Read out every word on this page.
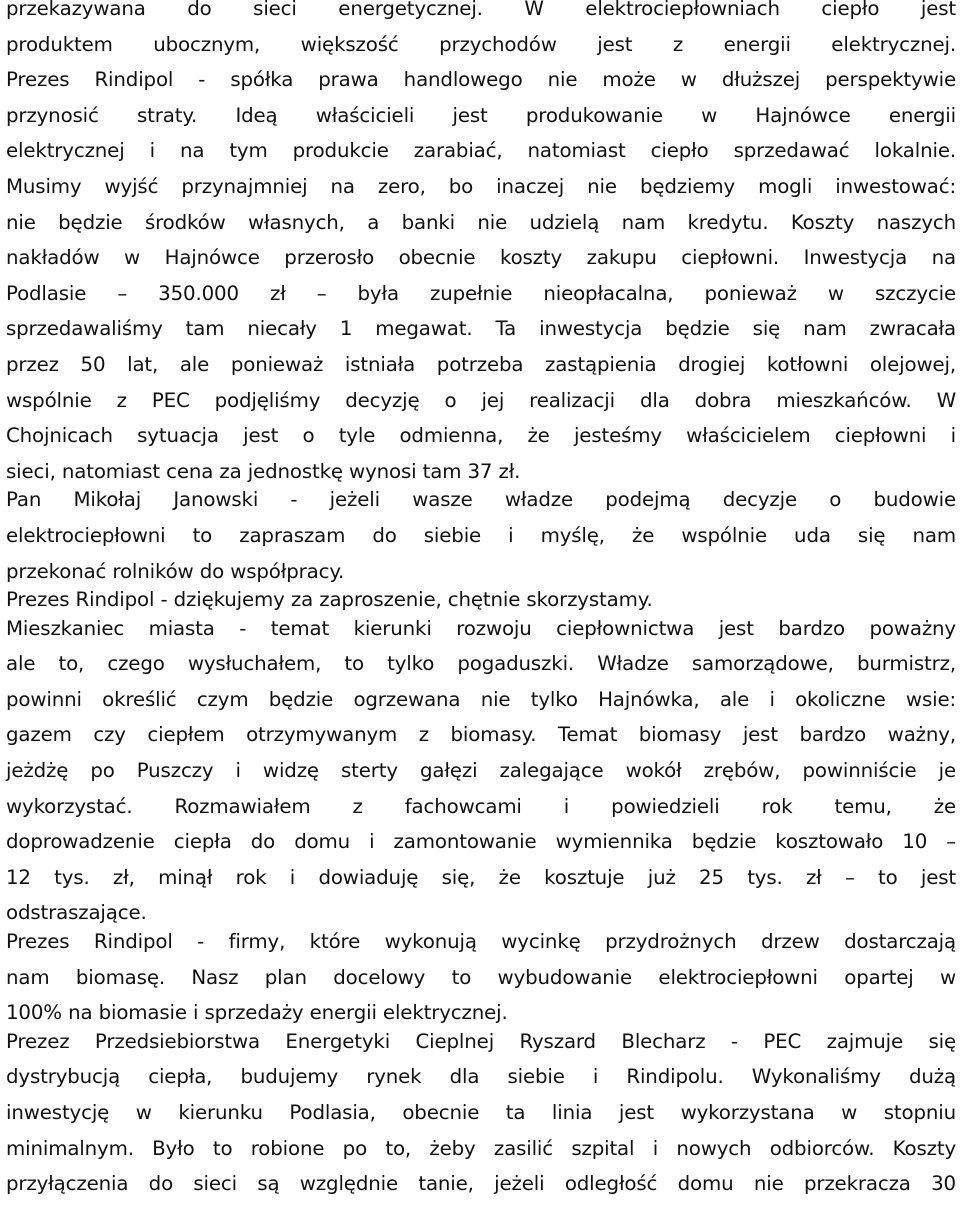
przekazywana do sieci energetycznej. W elektrociepłowniach ciepło jest
produktem ubocznym, większość przychodów jest z energii elektrycznej.
Prezes Rindipol - spółka prawa handlowego nie może w dłuższej perspektywie
przynosić straty. Ideą właścicieli jest produkowanie w Hajnówce energii
elektrycznej i na tym produkcie zarabiać, natomiast ciepło sprzedawać lokalnie.
Musimy wyjść przynajmniej na zero, bo inaczej nie będziemy mogli inwestować:
nie będzie środków własnych, a banki nie udzielą nam kredytu. Koszty naszych
nakładów w Hajnówce przerosło obecnie koszty zakupu ciepłowni. Inwestycja na
Podlasie – 350.000 zł – była zupełnie nieopłacalna, ponieważ w szczycie
sprzedawaliśmy tam niecały 1 megawat. Ta inwestycja będzie się nam zwracała
przez 50 lat, ale ponieważ istniała potrzeba zastąpienia drogiej kotłowni olejowej,
wspólnie z PEC podjęliśmy decyzję o jej realizacji dla dobra mieszkańców. W
Chojnicach sytuacja jest o tyle odmienna, że jesteśmy właścicielem ciepłowni i
sieci, natomiast cena za jednostkę wynosi tam 37 zł.

Pan Mikołaj Janowski - jeżeli wasze władze podejmą decyzje o budowie
elektrociepłowni to zapraszam do siebie i myślę, że wspólnie uda się nam
przekonać rolników do współpracy.

Prezes Rindipol - dziękujemy za zaproszenie, chętnie skorzystamy.

Mieszkaniec miasta - temat kierunki rozwoju ciepłownictwa jest bardzo poważny
ale to, czego wysłuchałem, to tylko pogaduszki. Władze samorządowe, burmistrz,
powinni określić czym będzie ogrzewana nie tylko Hajnówka, ale i okoliczne wsie:
gazem czy ciepłem otrzymywanym z biomasy. Temat biomasy jest bardzo ważny,
jeżdżę po Puszczy i widzę sterty gałęzi zalegające wokół zrębów, powinniście je
wykorzystać. Rozmawiałem z fachowcami i powiedzieli rok temu, że
doprowadzenie ciepła do domu i zamontowanie wymiennika będzie kosztowało 10 –
12 tys. zł, minął rok i dowiaduję się, że kosztuje już 25 tys. zł – to jest
odstraszające.

Prezes Rindipol - firmy, które wykonują wycinkę przydrożnych drzew dostarczają
nam biomasę. Nasz plan docelowy to wybudowanie elektrociepłowni opartej w
100% na biomasie i sprzedaży energii elektrycznej.

Prezez Przedsiebiorstwa Energetyki Cieplnej Ryszard Blecharz - PEC zajmuje się
dystrybucją ciepła, budujemy rynek dla siebie i Rindipolu. Wykonaliśmy dużą
inwestycję w kierunku Podlasia, obecnie ta linia jest wykorzystana w stopniu
minimalnym. Było to robione po to, żeby zasilić szpital i nowych odbiorców. Koszty
przyłączenia do sieci są względnie tanie, jeżeli odległość domu nie przekracza 30
